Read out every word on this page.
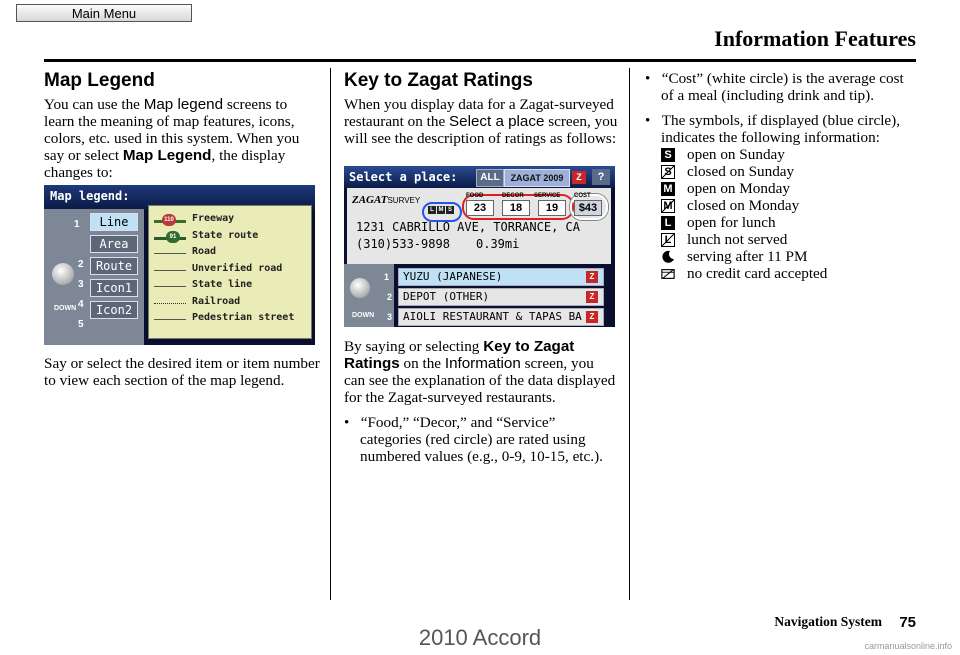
Main Menu
Information Features
Map Legend
You can use the Map legend screens to learn the meaning of map features, icons, colors, etc. used in this system. When you say or select Map Legend, the display changes to:
Map legend:
DOWN
1
2
3
4
5
Line
Area
Route
Icon1
Icon2
110 Freeway
91	State route
Road
Unverified road
State line
Railroad
Pedestrian street
Say or select the desired item or item number to view each section of the map legend.
Key to Zagat Ratings
When you display data for a Zagat-surveyed restaurant on the Select a place screen, you will see the description of ratings as follows:
Select a place:	ALL	ZAGAT 2009	Z	?
ZAGATSURVEY
L M S
FOOD	DECOR SERVICE COST
23	18	19	$43
1231 CABRILLO AVE, TORRANCE, CA
(310)533-9898 0.39mi
DOWN
1	YUZU (JAPANESE)	Z
2 DEPOT (OTHER)	Z
3 AIOLI RESTAURANT & TAPAS BA Z
By saying or selecting Key to Zagat Ratings on the Information screen, you can see the explanation of the data displayed for the Zagat-surveyed restaurants.
•   “Food,” “Decor,” and “Service” categories (red circle) are rated using numbered values (e.g., 0-9, 10-15, etc.).
•   “Cost” (white circle) is the average cost of a meal (including drink and tip).
•   The symbols, if displayed (blue circle), indicates the following information:
S open on Sunday
S closed on Sunday
M open on Monday
M closed on Monday
L open for lunch
L lunch not served
serving after 11 PM
no credit card accepted
Navigation System 75
2010 Accord	carmanualsonline.info
